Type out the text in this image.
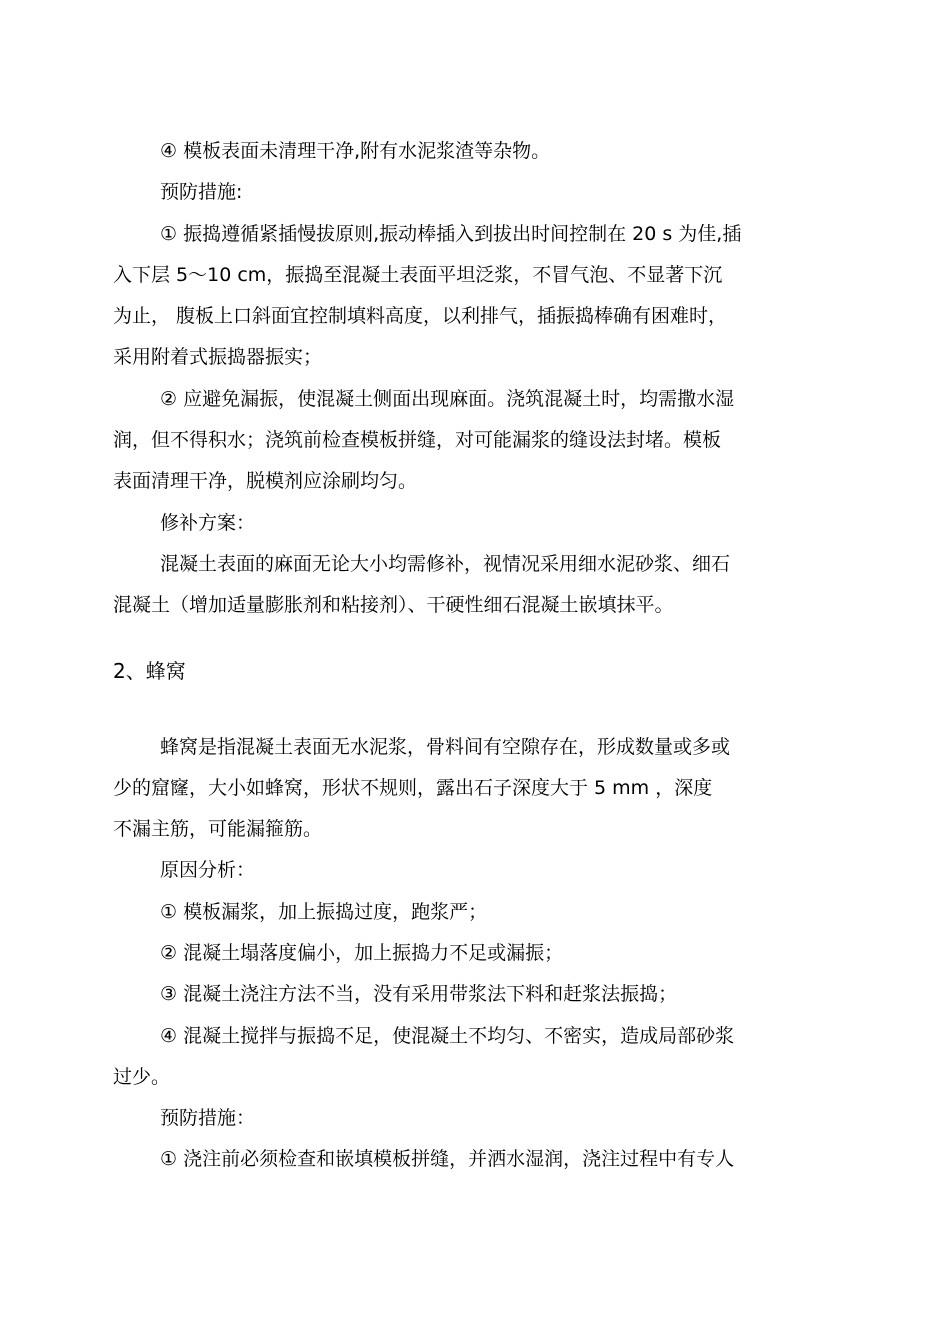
④ 模板表面未清理干净,附有水泥浆渣等杂物。
预防措施:
① 振捣遵循紧插慢拔原则,振动棒插入到拔出时间控制在 20 s 为佳,插
入下层 5～10 cm，振捣至混凝土表面平坦泛浆，不冒气泡、不显著下沉
为止， 腹板上口斜面宜控制填料高度，以利排气，插振捣棒确有困难时，
采用附着式振捣器振实；
② 应避免漏振，使混凝土侧面出现麻面。浇筑混凝土时，均需撒水湿
润，但不得积水；浇筑前检查模板拼缝，对可能漏浆的缝设法封堵。模板
表面清理干净，脱模剂应涂刷均匀。
修补方案：
混凝土表面的麻面无论大小均需修补，视情况采用细水泥砂浆、细石
混凝土（增加适量膨胀剂和粘接剂）、干硬性细石混凝土嵌填抹平。
2、蜂窝
蜂窝是指混凝土表面无水泥浆，骨料间有空隙存在，形成数量或多或
少的窟窿，大小如蜂窝，形状不规则，露出石子深度大于 5 mm ，深度
不漏主筋，可能漏箍筋。
原因分析：
① 模板漏浆，加上振捣过度，跑浆严；
② 混凝土塌落度偏小，加上振捣力不足或漏振；
③ 混凝土浇注方法不当，没有采用带浆法下料和赶浆法振捣；
④ 混凝土搅拌与振捣不足，使混凝土不均匀、不密实，造成局部砂浆
过少。
预防措施：
① 浇注前必须检查和嵌填模板拼缝，并洒水湿润，浇注过程中有专人
